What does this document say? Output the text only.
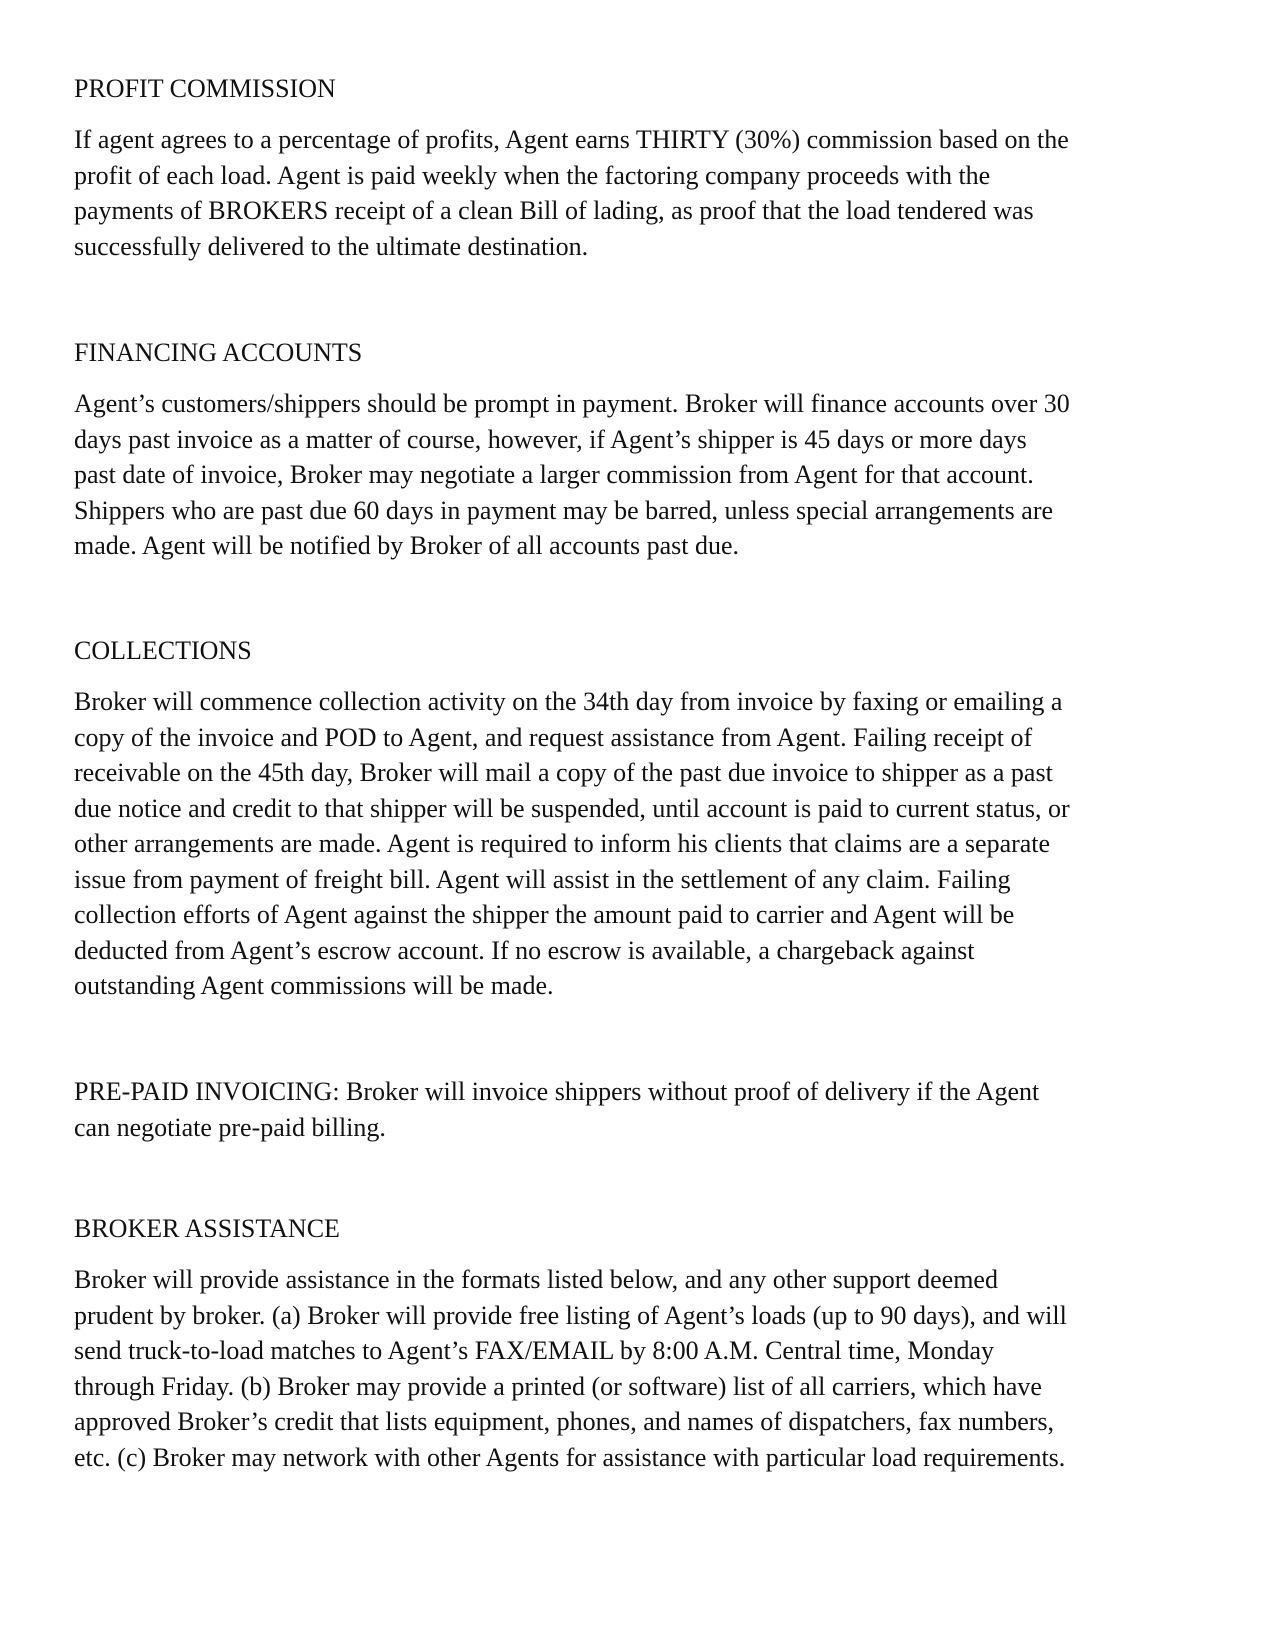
PROFIT COMMISSION

If agent agrees to a percentage of profits, Agent earns THIRTY (30%) commission based on the
profit of each load. Agent is paid weekly when the factoring company proceeds with the
payments of BROKERS receipt of a clean Bill of lading, as proof that the load tendered was
successfully delivered to the ultimate destination.

FINANCING ACCOUNTS

Agent’s customers/shippers should be prompt in payment. Broker will finance accounts over 30
days past invoice as a matter of course, however, if Agent’s shipper is 45 days or more days
past date of invoice, Broker may negotiate a larger commission from Agent for that account.
Shippers who are past due 60 days in payment may be barred, unless special arrangements are
made. Agent will be notified by Broker of all accounts past due.

COLLECTIONS

Broker will commence collection activity on the 34th day from invoice by faxing or emailing a
copy of the invoice and POD to Agent, and request assistance from Agent. Failing receipt of
receivable on the 45th day, Broker will mail a copy of the past due invoice to shipper as a past
due notice and credit to that shipper will be suspended, until account is paid to current status, or
other arrangements are made. Agent is required to inform his clients that claims are a separate
issue from payment of freight bill. Agent will assist in the settlement of any claim. Failing
collection efforts of Agent against the shipper the amount paid to carrier and Agent will be
deducted from Agent’s escrow account. If no escrow is available, a chargeback against
outstanding Agent commissions will be made.

PRE-PAID INVOICING: Broker will invoice shippers without proof of delivery if the Agent
can negotiate pre-paid billing.

BROKER ASSISTANCE

Broker will provide assistance in the formats listed below, and any other support deemed
prudent by broker. (a) Broker will provide free listing of Agent’s loads (up to 90 days), and will
send truck-to-load matches to Agent’s FAX/EMAIL by 8:00 A.M. Central time, Monday
through Friday. (b) Broker may provide a printed (or software) list of all carriers, which have
approved Broker’s credit that lists equipment, phones, and names of dispatchers, fax numbers,
etc. (c) Broker may network with other Agents for assistance with particular load requirements.
